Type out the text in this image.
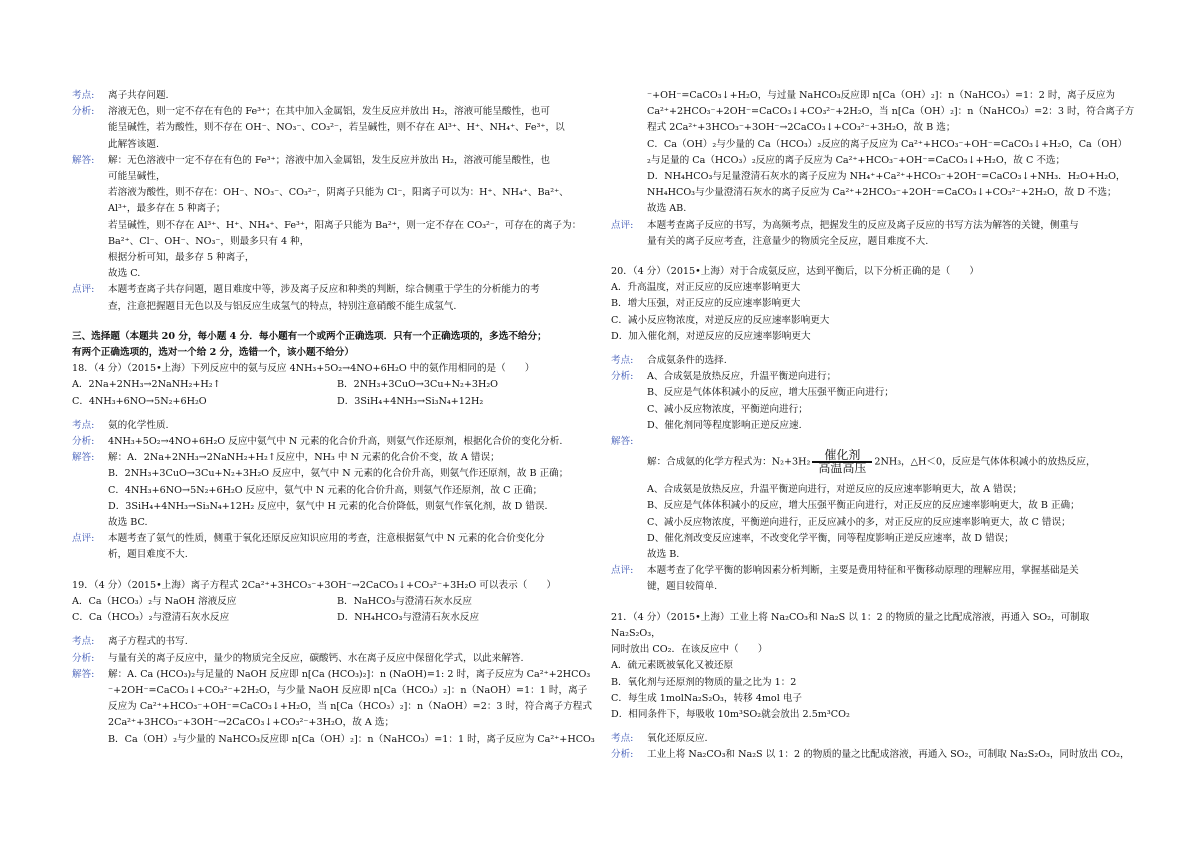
考点:	离子共存问题.
分析:	溶液无色，则一定不存在有色的 Fe³⁺；在其中加入金属铝，发生反应并放出 H₂，溶液可能呈酸性，也可
能呈碱性，若为酸性，则不存在 OH⁻、NO₃⁻、CO₃²⁻，若呈碱性，则不存在 Al³⁺、H⁺、NH₄⁺、Fe³⁺，以
此解答该题.
解答:	解：无色溶液中一定不存在有色的 Fe³⁺；溶液中加入金属铝，发生反应并放出 H₂，溶液可能呈酸性，也
可能呈碱性，
若溶液为酸性，则不存在：OH⁻、NO₃⁻、CO₃²⁻，阴离子只能为 Cl⁻，阳离子可以为：H⁺、NH₄⁺、Ba²⁺、
Al³⁺，最多存在 5 种离子；
若呈碱性，则不存在 Al³⁺、H⁺、NH₄⁺、Fe³⁺，阳离子只能为 Ba²⁺，则一定不存在 CO₃²⁻，可存在的离子为：
Ba²⁺、Cl⁻、OH⁻、NO₃⁻，则最多只有 4 种，
根据分析可知，最多存 5 种离子，
故选 C.
点评:	本题考查离子共存问题，题目难度中等，涉及离子反应和种类的判断，综合侧重于学生的分析能力的考
查，注意把握题目无色以及与铝反应生成氢气的特点，特别注意硝酸不能生成氢气.
三、选择题（本题共 20 分，每小题 4 分．每小题有一个或两个正确选项．只有一个正确选项的，多选不给分；
有两个正确选项的，选对一个给 2 分，选错一个，该小题不给分）
18．（4 分）（2015•上海）下列反应中的氨与反应 4NH₃+5O₂→4NO+6H₂O 中的氨作用相同的是（　　）
A．2Na+2NH₃→2NaNH₂+H₂↑	B．2NH₃+3CuO→3Cu+N₂+3H₂O
C．4NH₃+6NO→5N₂+6H₂O	D．3SiH₄+4NH₃→Si₃N₄+12H₂
考点:	氨的化学性质.
分析:	4NH₃+5O₂→4NO+6H₂O 反应中氨气中 N 元素的化合价升高，则氨气作还原剂，根据化合价的变化分析.
解答:	解：A．2Na+2NH₃→2NaNH₂+H₂↑反应中，NH₃ 中 N 元素的化合价不变，故 A 错误；
B．2NH₃+3CuO→3Cu+N₂+3H₂O 反应中，氨气中 N 元素的化合价升高，则氨气作还原剂，故 B 正确；
C．4NH₃+6NO→5N₂+6H₂O 反应中，氨气中 N 元素的化合价升高，则氨气作还原剂，故 C 正确；
D．3SiH₄+4NH₃→Si₃N₄+12H₂ 反应中，氨气中 H 元素的化合价降低，则氨气作氧化剂，故 D 错误．
故选 BC.
点评:	本题考查了氨气的性质，侧重于氧化还原反应知识应用的考查，注意根据氨气中 N 元素的化合价变化分
析，题目难度不大.
19．（4 分）（2015•上海）离子方程式 2Ca²⁺+3HCO₃⁻+3OH⁻→2CaCO₃↓+CO₃²⁻+3H₂O 可以表示（　　）
A．Ca（HCO₃）₂与 NaOH 溶液反应	B．NaHCO₃与澄清石灰水反应
C．Ca（HCO₃）₂与澄清石灰水反应	D．NH₄HCO₃与澄清石灰水反应
考点:	离子方程式的书写.
分析:	与量有关的离子反应中，量少的物质完全反应，碳酸钙、水在离子反应中保留化学式，以此来解答.
解答:	解：A. Ca (HCO₃)₂与足量的 NaOH 反应即 n[Ca (HCO₃)₂]：n (NaOH)=1: 2 时，离子反应为 Ca²⁺+2HCO₃
⁻+2OH⁻=CaCO₃↓+CO₃²⁻+2H₂O，与少量 NaOH 反应即 n[Ca（HCO₃）₂]：n（NaOH）=1：1 时，离子
反应为 Ca²⁺+HCO₃⁻+OH⁻=CaCO₃↓+H₂O，当 n[Ca（HCO₃）₂]：n（NaOH）=2：3 时，符合离子方程式
2Ca²⁺+3HCO₃⁻+3OH⁻→2CaCO₃↓+CO₃²⁻+3H₂O，故 A 选；
B．Ca（OH）₂与少量的 NaHCO₃反应即 n[Ca（OH）₂]：n（NaHCO₃）=1：1 时，离子反应为 Ca²⁺+HCO₃
⁻+OH⁻=CaCO₃↓+H₂O，与过量 NaHCO₃反应即 n[Ca（OH）₂]：n（NaHCO₃）=1：2 时，离子反应为
Ca²⁺+2HCO₃⁻+2OH⁻=CaCO₃↓+CO₃²⁻+2H₂O，当 n[Ca（OH）₂]：n（NaHCO₃）=2：3 时，符合离子方
程式 2Ca²⁺+3HCO₃⁻+3OH⁻→2CaCO₃↓+CO₃²⁻+3H₂O，故 B 选；
C．Ca（OH）₂与少量的 Ca（HCO₃）₂反应的离子反应为 Ca²⁺+HCO₃⁻+OH⁻=CaCO₃↓+H₂O，Ca（OH）
₂与足量的 Ca（HCO₃）₂反应的离子反应为 Ca²⁺+HCO₃⁻+OH⁻=CaCO₃↓+H₂O，故 C 不选；
D．NH₄HCO₃与足量澄清石灰水的离子反应为 NH₄⁺+Ca²⁺+HCO₃⁻+2OH⁻=CaCO₃↓+NH₃．H₂O+H₂O，
NH₄HCO₃与少量澄清石灰水的离子反应为 Ca²⁺+2HCO₃⁻+2OH⁻=CaCO₃↓+CO₃²⁻+2H₂O，故 D 不选；
故选 AB.
点评:	本题考查离子反应的书写，为高频考点，把握发生的反应及离子反应的书写方法为解答的关键，侧重与
量有关的离子反应考查，注意量少的物质完全反应，题目难度不大.
20．（4 分）（2015•上海）对于合成氨反应，达到平衡后，以下分析正确的是（　　）
A．升高温度，对正反应的反应速率影响更大
B．增大压强，对正反应的反应速率影响更大
C．减小反应物浓度，对逆反应的反应速率影响更大
D．加入催化剂，对逆反应的反应速率影响更大
考点:	合成氨条件的选择.
分析:	A、合成氨是放热反应，升温平衡逆向进行；
B、反应是气体体积减小的反应，增大压强平衡正向进行；
C、减小反应物浓度，平衡逆向进行；
D、催化剂同等程度影响正逆反应速.
解答:
解：合成氨的化学方程式为：N₂+3H₂	催化剂
高温高压 2NH₃，△H＜0，反应是气体体积减小的放热反应，
A、合成氨是放热反应，升温平衡逆向进行，对逆反应的反应速率影响更大，故 A 错误；
B、反应是气体体积减小的反应，增大压强平衡正向进行，对正反应的反应速率影响更大，故 B 正确；
C、减小反应物浓度，平衡逆向进行，正反应减小的多，对正反应的反应速率影响更大，故 C 错误；
D、催化剂改变反应速率，不改变化学平衡，同等程度影响正逆反应速率，故 D 错误；
故选 B.
点评:	本题考查了化学平衡的影响因素分析判断，主要是费用特征和平衡移动原理的理解应用，掌握基础是关
键，题目较简单.
21．（4 分）（2015•上海）工业上将 Na₂CO₃和 Na₂S 以 1：2 的物质的量之比配成溶液，再通入 SO₂，可制取 Na₂S₂O₃，
同时放出 CO₂．在该反应中（　　）
A．硫元素既被氧化又被还原
B．氧化剂与还原剂的物质的量之比为 1：2
C．每生成 1molNa₂S₂O₃，转移 4mol 电子
D．相同条件下，每吸收 10m³SO₂就会放出 2.5m³CO₂
考点:	氧化还原反应.
分析:	工业上将 Na₂CO₃和 Na₂S 以 1：2 的物质的量之比配成溶液，再通入 SO₂，可制取 Na₂S₂O₃，同时放出 CO₂，
